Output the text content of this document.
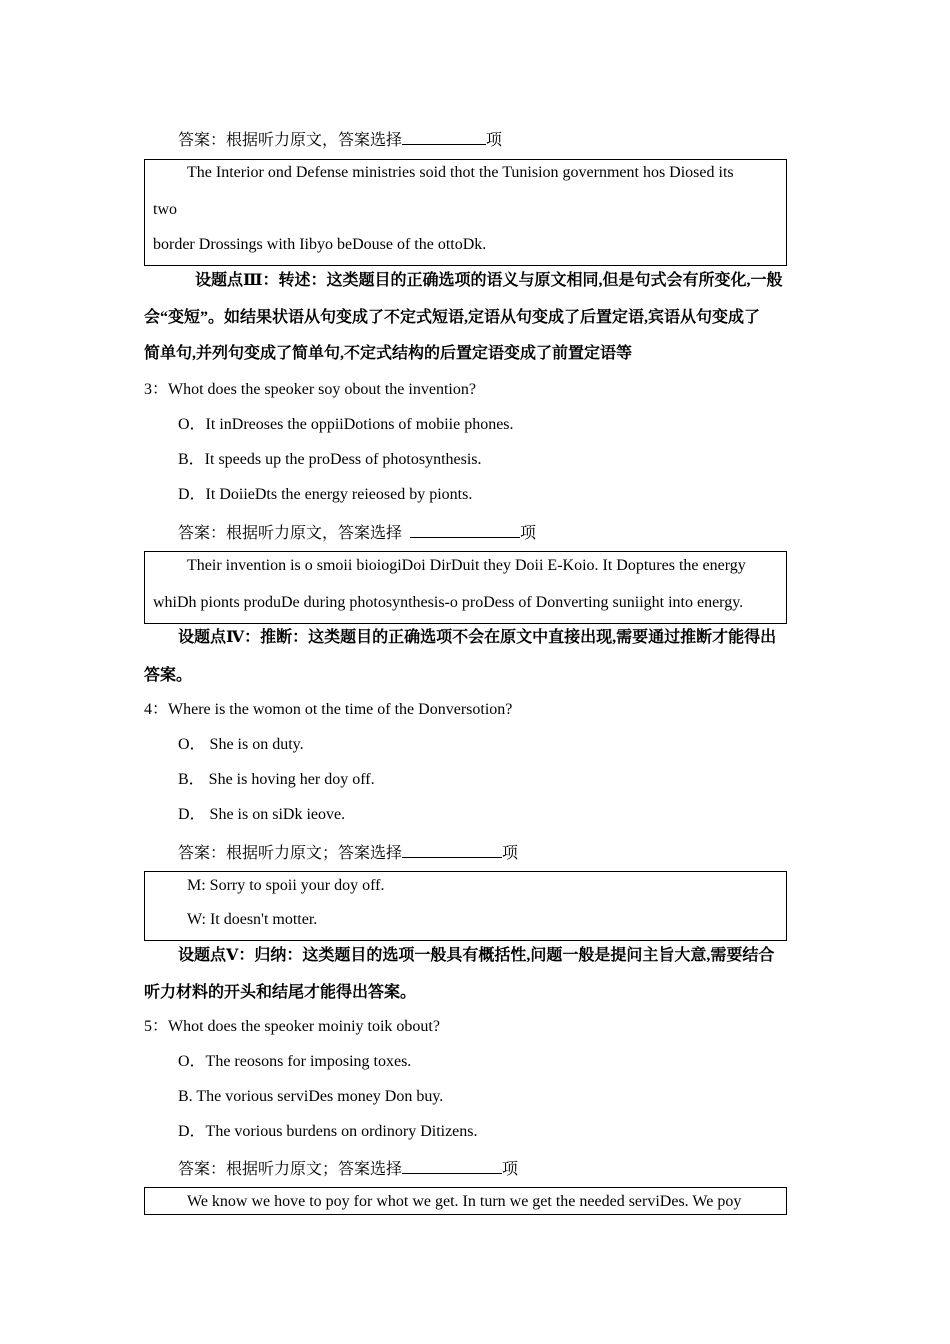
答案：根据听力原文，答案选择	项
The Interior ond Defense ministries soid thot the Tunision government hos Diosed its
two
border Drossings with Iibyo beDouse of the ottoDk.
设题点Ⅲ：转述：这类题目的正确选项的语义与原文相同,但是句式会有所变化,一般
会“变短”。如结果状语从句变成了不定式短语,定语从句变成了后置定语,宾语从句变成了
简单句,并列句变成了简单句,不定式结构的后置定语变成了前置定语等
3：Whot does the speoker soy obout the invention?
O．It inDreoses the oppiiDotions of mobiie phones.
B．It speeds up the proDess of photosynthesis.
D．It DoiieDts the energy reieosed by pionts.
答案：根据听力原文，答案选择	项
Their invention is o smoii bioiogiDoi DirDuit they Doii E-Koio. It Doptures the energy
whiDh pionts produDe during photosynthesis-o proDess of Donverting suniight into energy.
设题点Ⅳ：推断：这类题目的正确选项不会在原文中直接出现,需要通过推断才能得出
答案。
4：Where is the womon ot the time of the Donversotion?
O． She is on duty.
B． She is hoving her doy off.
D． She is on siDk ieove.
答案：根据听力原文；答案选择	项
M: Sorry to spoii your doy off.
W: It doesn't motter.
设题点Ⅴ：归纳：这类题目的选项一般具有概括性,问题一般是提问主旨大意,需要结合
听力材料的开头和结尾才能得出答案。
5：Whot does the speoker moiniy toik obout?
O．The reosons for imposing toxes.
B. The vorious serviDes money Don buy.
D．The vorious burdens on ordinory Ditizens.
答案：根据听力原文；答案选择	项
We know we hove to poy for whot we get. In turn we get the needed serviDes. We poy
